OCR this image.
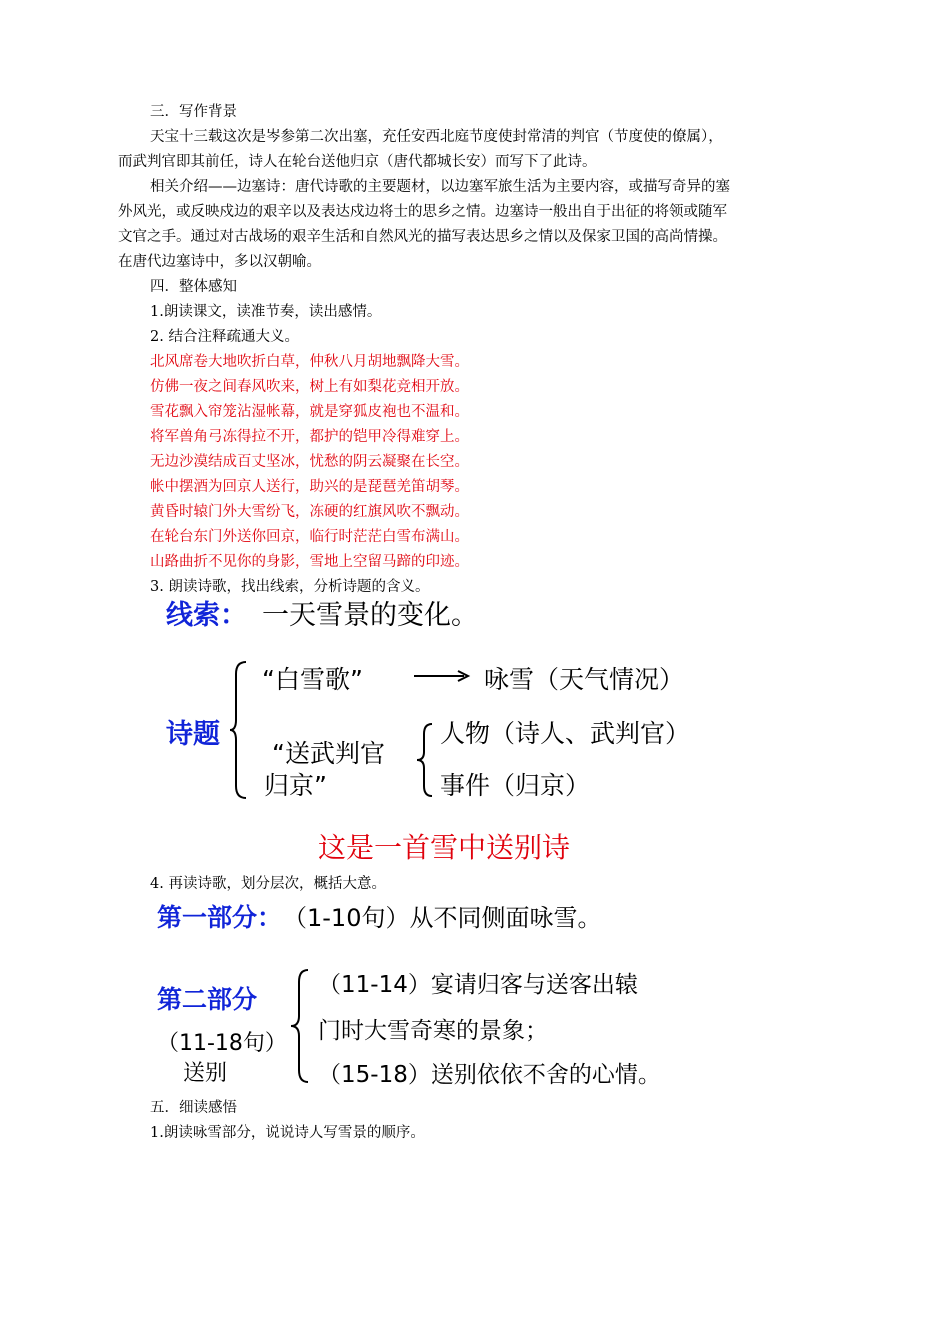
三．写作背景
天宝十三载这次是岑参第二次出塞，充任安西北庭节度使封常清的判官（节度使的僚属），
而武判官即其前任，诗人在轮台送他归京（唐代都城长安）而写下了此诗。
相关介绍——边塞诗：唐代诗歌的主要题材，以边塞军旅生活为主要内容，或描写奇异的塞
外风光，或反映戍边的艰辛以及表达戍边将士的思乡之情。边塞诗一般出自于出征的将领或随军
文官之手。通过对古战场的艰辛生活和自然风光的描写表达思乡之情以及保家卫国的高尚情操。
在唐代边塞诗中，多以汉朝喻。
四．整体感知
1.朗读课文，读准节奏，读出感情。
2. 结合注释疏通大义。
北风席卷大地吹折白草，仲秋八月胡地飘降大雪。
仿佛一夜之间春风吹来，树上有如梨花竞相开放。
雪花飘入帘笼沾湿帐幕，就是穿狐皮袍也不温和。
将军兽角弓冻得拉不开，都护的铠甲冷得难穿上。
无边沙漠结成百丈坚冰，忧愁的阴云凝聚在长空。
帐中摆酒为回京人送行，助兴的是琵琶羌笛胡琴。
黄昏时辕门外大雪纷飞，冻硬的红旗风吹不飘动。
在轮台东门外送你回京，临行时茫茫白雪布满山。
山路曲折不见你的身影，雪地上空留马蹄的印迹。
3. 朗读诗歌，找出线索，分析诗题的含义。
线索： 一天雪景的变化。
诗题
“白雪歌”	咏雪（天气情况）
“送武判官
归京”
人物（诗人、武判官）
事件（归京）
这是一首雪中送别诗
4. 再读诗歌，划分层次，概括大意。
第一部分： （1-10句）从不同侧面咏雪。
第二部分
（11-18句）
送别
（11-14）宴请归客与送客出辕
门时大雪奇寒的景象；
（15-18）送别依依不舍的心情。
五．细读感悟
1.朗读咏雪部分，说说诗人写雪景的顺序。
